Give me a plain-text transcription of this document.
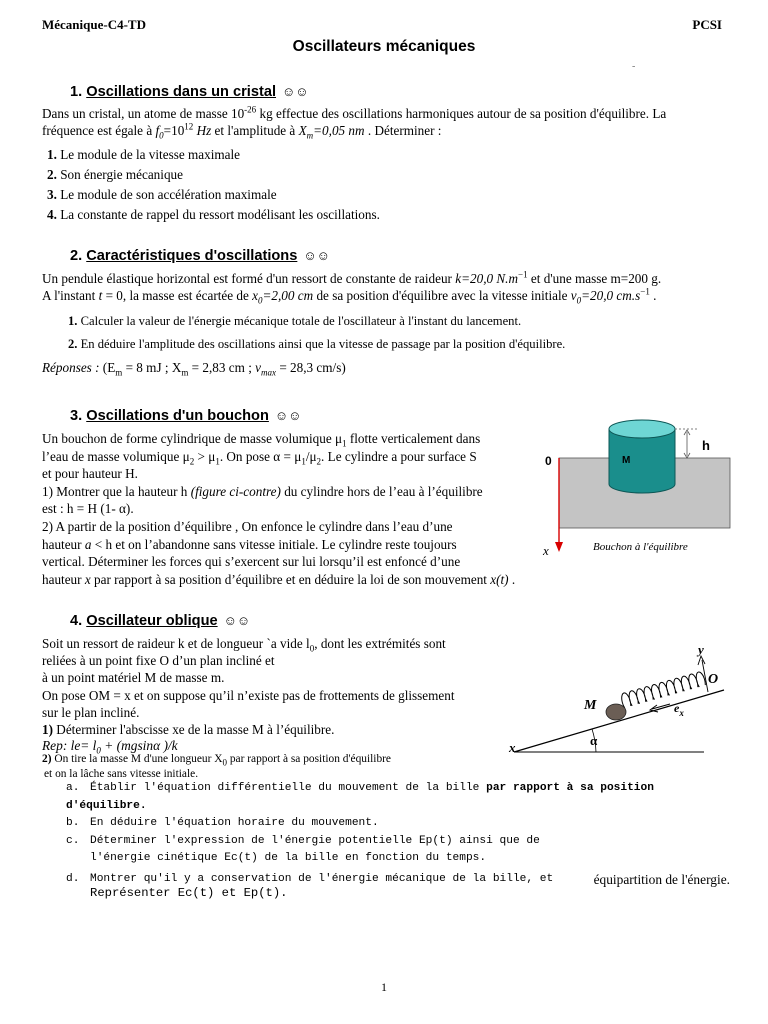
Mécanique-C4-TD	PCSI
Oscillateurs mécaniques
-
1. Oscillations dans un cristal ☺☺
Dans un cristal, un atome de masse $10^{-26}$ kg effectue des oscillations harmoniques autour de sa position d'équilibre. La
fréquence est égale à $f_0=10^{12}$ Hz et l'amplitude à $X_m=0,05$ nm . Déterminer :
1. Le module de la vitesse maximale
2. Son énergie mécanique
3. Le module de son accélération maximale
4. La constante de rappel du ressort modélisant les oscillations.
2. Caractéristiques d'oscillations ☺☺
Un pendule élastique horizontal est formé d'un ressort de constante de raideur k=20,0 $N.m^{-1}$ et d'une masse m=200 g.
A l'instant t = 0, la masse est écartée de $x_0=2,00$ cm de sa position d'équilibre avec la vitesse initiale $v_0=20,0$ $cm.s^{-1}$ .
1. Calculer la valeur de l'énergie mécanique totale de l'oscillateur à l'instant du lancement.
2. En déduire l'amplitude des oscillations ainsi que la vitesse de passage par la position d'équilibre.
Réponses : ($E_m = 8$ mJ ; $X_m = 2,83$ cm ; $v_{max} = 28,3$ cm/s)
3. Oscillations d'un bouchon ☺☺
Un bouchon de forme cylindrique de masse volumique $\mu_1$ flotte verticalement dans
l’eau de masse volumique $\mu_2 > \mu_1$. On pose $\alpha = \mu_1/\mu_2$. Le cylindre a pour surface S
et pour hauteur H.
1) Montrer que la hauteur h (figure ci-contre) du cylindre hors de l’eau à l’équilibre
est : h = H (1- α).
2) A partir de la position d’équilibre , On enfonce le cylindre dans l’eau d’une
hauteur a < h et on l’abandonne sans vitesse initiale. Le cylindre reste toujours
vertical. Déterminer les forces qui s’exercent sur lui lorsqu’il est enfoncé d’une
hauteur x par rapport à sa position d’équilibre et en déduire la loi de son mouvement x(t) .
h
0	M
x	Bouchon à l'équilibre
4. Oscillateur oblique ☺☺
Soit un ressort de raideur k et de longueur `a vide $l_0$, dont les extrémités sont
reliées à un point fixe O d’un plan incliné et
à un point matériel M de masse m.
On pose OM = x et on suppose qu’il n’existe pas de frottements de glissement
sur le plan incliné.
1) Déterminer l'abscisse xe de la masse M à l’équilibre.
Rep: $le= l_0 + (mgsin\alpha$ )/k
2) On tire la masse M d'une longueur $X_0$ par rapport à sa position d'équilibre
et on la lâche sans vitesse initiale.
a. Établir l'équation différentielle du mouvement de la bille par rapport à sa position d'équilibre.
b. En déduire l'équation horaire du mouvement.
c. Déterminer l'expression de l'énergie potentielle Ep(t) ainsi que de
l'énergie cinétique Ec(t) de la bille en fonction du temps.
d. Montrer qu'il y a conservation de l'énergie mécanique de la bille, et	équipartition de l'énergie.
Représenter Ec(t) et Ep(t).
y
O
M	$e_x$
x	α
1
